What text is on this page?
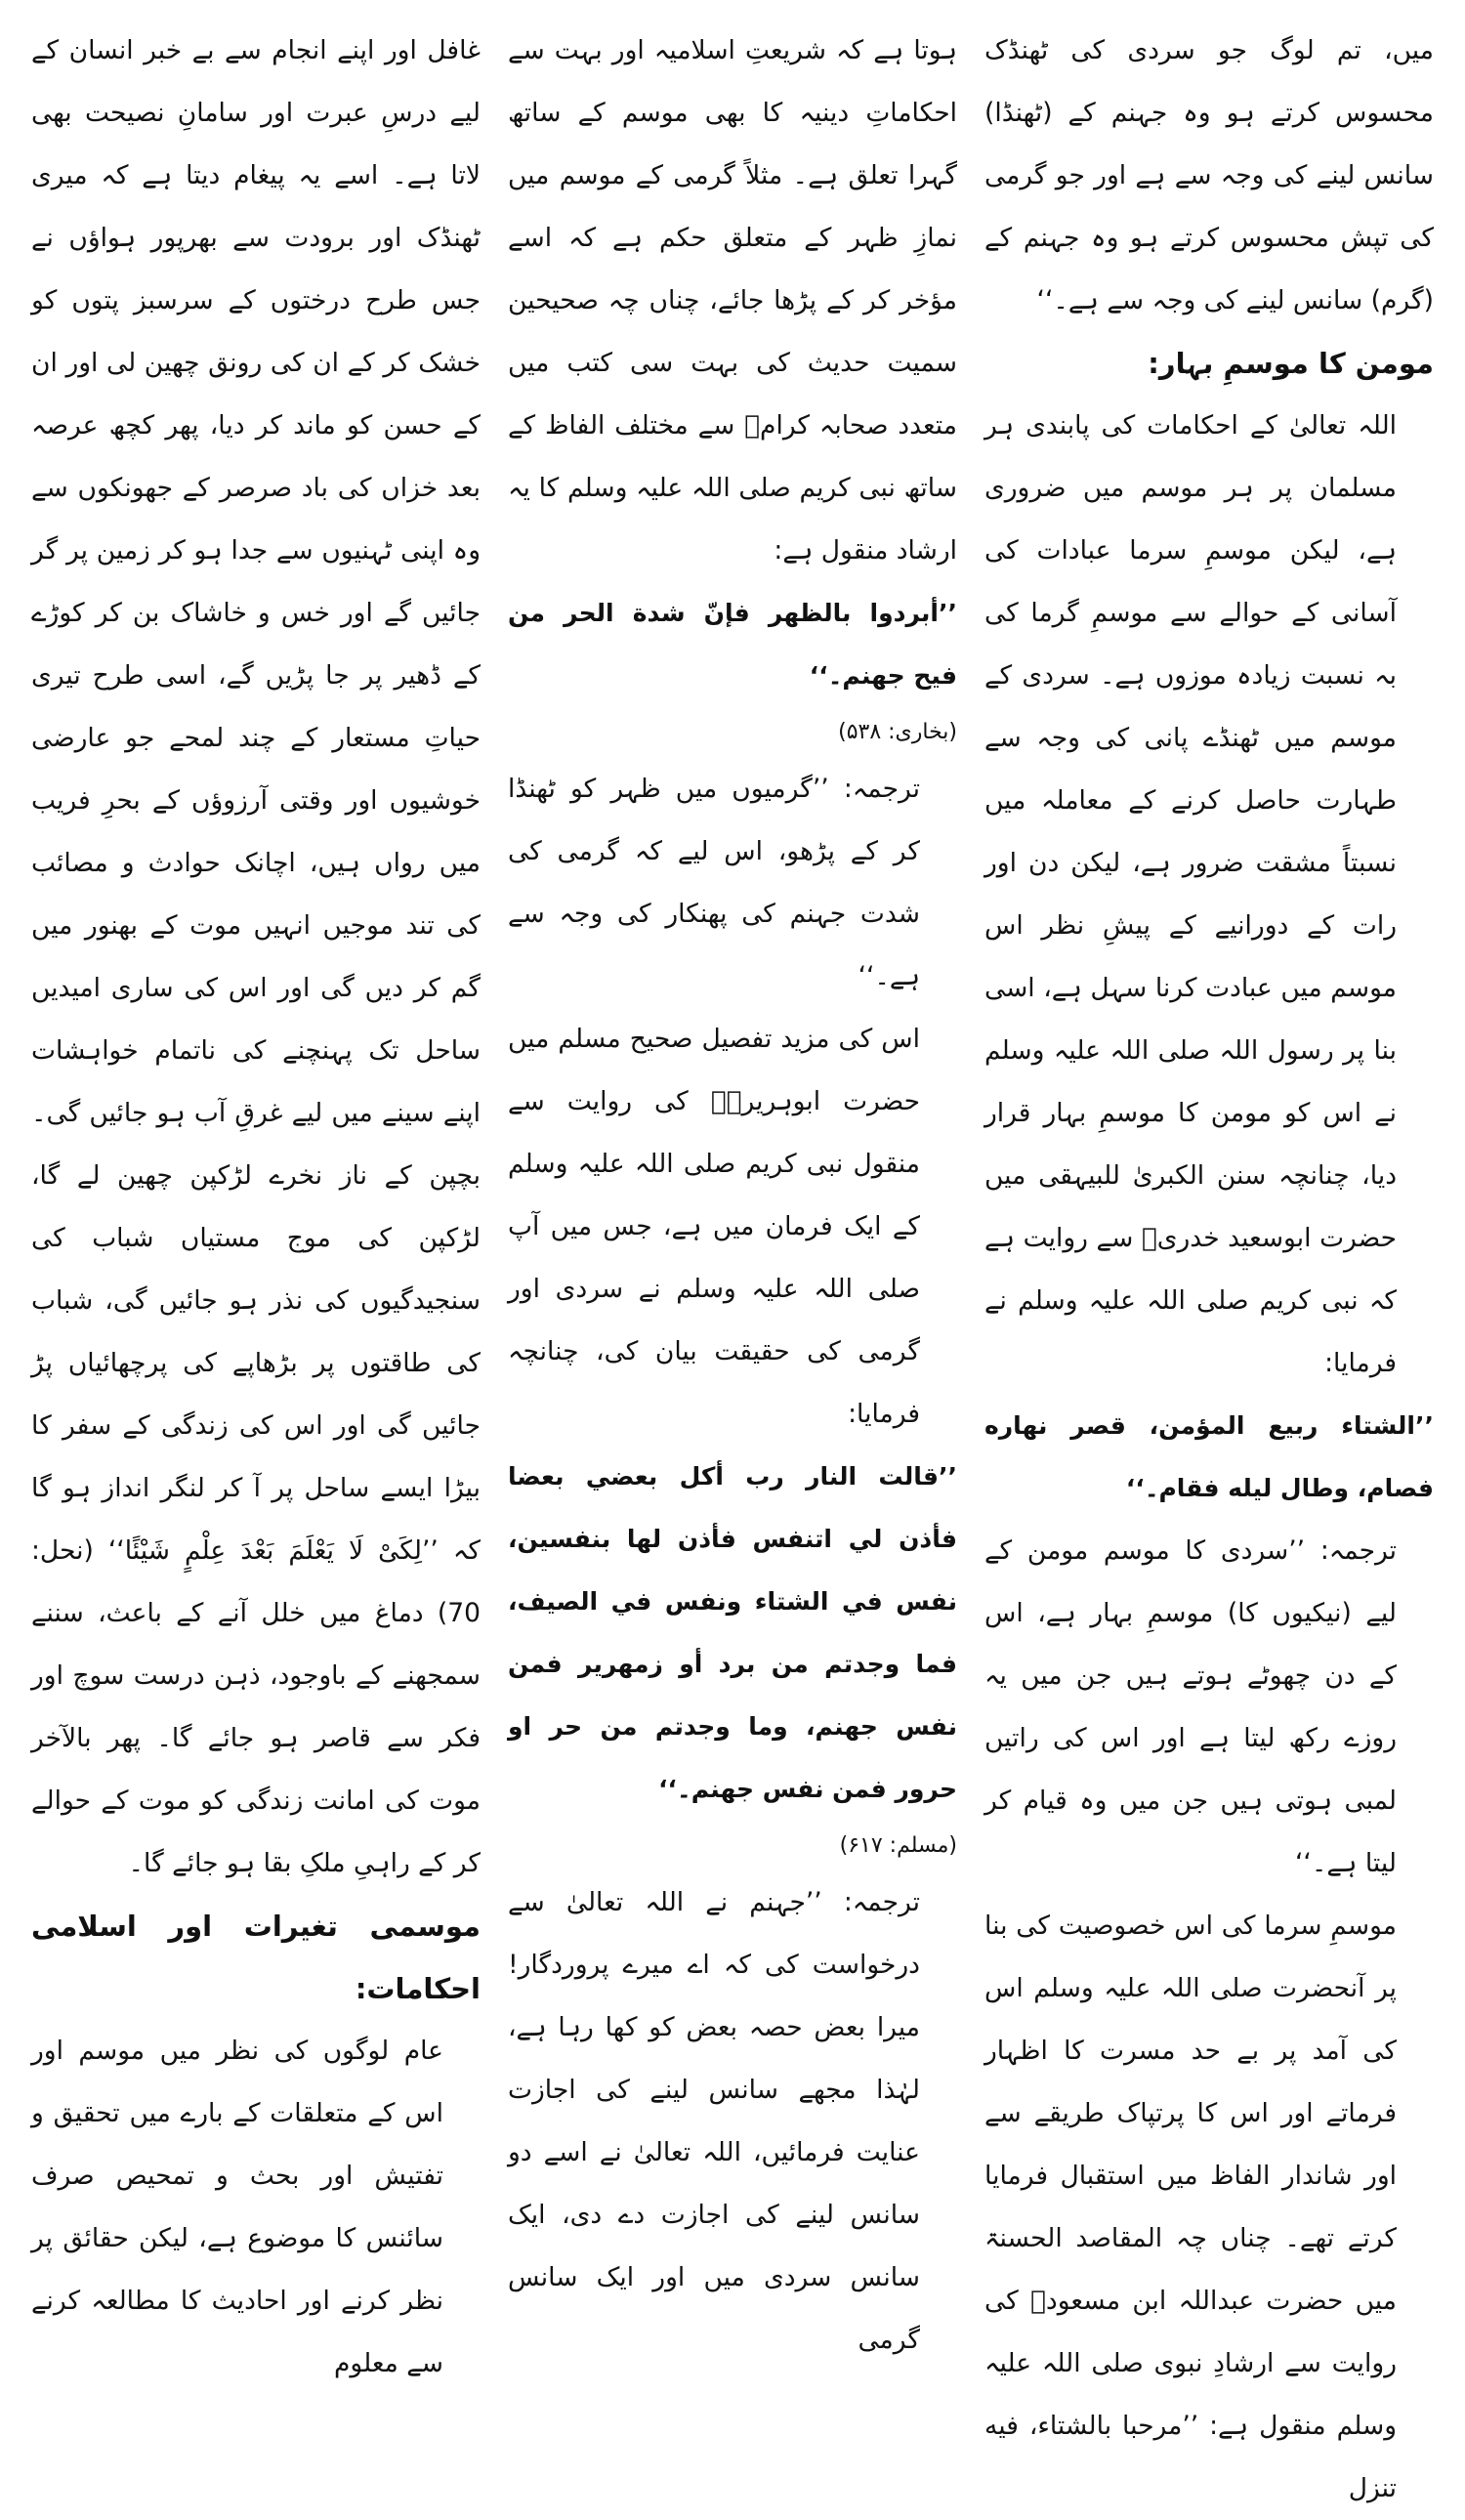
غافل اور اپنے انجام سے بے خبر انسان کے لیے درسِ عبرت اور سامانِ نصیحت بھی لاتا ہے۔ اسے یہ پیغام دیتا ہے کہ میری ٹھنڈک اور برودت سے بھرپور ہواؤں نے جس طرح درختوں کے سرسبز پتوں کو خشک کر کے ان کی رونق چھین لی اور ان کے حسن کو ماند کر دیا، پھر کچھ عرصہ بعد خزاں کی باد صرصر کے جھونکوں سے وہ اپنی ٹہنیوں سے جدا ہو کر زمین پر گر جائیں گے اور خس و خاشاک بن کر کوڑے کے ڈھیر پر جا پڑیں گے، اسی طرح تیری حیاتِ مستعار کے چند لمحے جو عارضی خوشیوں اور وقتی آرزوؤں کے بحرِ فریب میں رواں ہیں، اچانک حوادث و مصائب کی تند موجیں انہیں موت کے بھنور میں گم کر دیں گی اور اس کی ساری امیدیں ساحل تک پہنچنے کی ناتمام خواہشات اپنے سینے میں لیے غرقِ آب ہو جائیں گی۔ بچپن کے ناز نخرے لڑکپن چھین لے گا، لڑکپن کی موج مستیاں شباب کی سنجیدگیوں کی نذر ہو جائیں گی، شباب کی طاقتوں پر بڑھاپے کی پرچھائیاں پڑ جائیں گی اور اس کی زندگی کے سفر کا بیڑا ایسے ساحل پر آ کر لنگر انداز ہو گا کہ ’’لِکَیْ لَا یَعْلَمَ بَعْدَ عِلْمٍ شَیْئًا‘‘ (نحل: 70) دماغ میں خلل آنے کے باعث، سننے سمجھنے کے باوجود، ذہن درست سوچ اور فکر سے قاصر ہو جائے گا۔ پھر بالآخر موت کی امانت زندگی کو موت کے حوالے کر کے راہیِ ملکِ بقا ہو جائے گا۔

موسمی تغیرات اور اسلامی احکامات:

عام لوگوں کی نظر میں موسم اور اس کے متعلقات کے بارے میں تحقیق و تفتیش اور بحث و تمحیص صرف سائنس کا موضوع ہے، لیکن حقائق پر نظر کرنے اور احادیث کا مطالعہ کرنے سے معلوم

ہوتا ہے کہ شریعتِ اسلامیہ اور بہت سے احکاماتِ دینیہ کا بھی موسم کے ساتھ گہرا تعلق ہے۔ مثلاً گرمی کے موسم میں نمازِ ظہر کے متعلق حکم ہے کہ اسے مؤخر کر کے پڑھا جائے، چناں چہ صحیحین سمیت حدیث کی بہت سی کتب میں متعدد صحابہ کرامؓ سے مختلف الفاظ کے ساتھ نبی کریم صلی اللہ علیہ وسلم کا یہ ارشاد منقول ہے:

’’أبردوا بالظهر فإنّ شدة الحر من فيح جهنم۔‘‘

(بخاری: ۵۳۸)

ترجمہ: ’’گرمیوں میں ظہر کو ٹھنڈا کر کے پڑھو، اس لیے کہ گرمی کی شدت جہنم کی پھنکار کی وجہ سے ہے۔‘‘

اس کی مزید تفصیل صحیح مسلم میں حضرت ابوہریرہؓ کی روایت سے منقول نبی کریم صلی اللہ علیہ وسلم کے ایک فرمان میں ہے، جس میں آپ صلی اللہ علیہ وسلم نے سردی اور گرمی کی حقیقت بیان کی، چنانچہ فرمایا:

’’قالت النار رب أكل بعضي بعضا فأذن لي اتنفس فأذن لها بنفسين، نفس في الشتاء ونفس في الصيف، فما وجدتم من برد أو زمهرير فمن نفس جهنم، وما وجدتم من حر او حرور فمن نفس جهنم۔‘‘

(مسلم: ۶۱۷)

ترجمہ: ’’جہنم نے اللہ تعالیٰ سے درخواست کی کہ اے میرے پروردگار! میرا بعض حصہ بعض کو کھا رہا ہے، لہٰذا مجھے سانس لینے کی اجازت عنایت فرمائیں، اللہ تعالیٰ نے اسے دو سانس لینے کی اجازت دے دی، ایک سانس سردی میں اور ایک سانس گرمی

میں، تم لوگ جو سردی کی ٹھنڈک محسوس کرتے ہو وہ جہنم کے (ٹھنڈا) سانس لینے کی وجہ سے ہے اور جو گرمی کی تپش محسوس کرتے ہو وہ جہنم کے (گرم) سانس لینے کی وجہ سے ہے۔‘‘

مومن کا موسمِ بہار:

اللہ تعالیٰ کے احکامات کی پابندی ہر مسلمان پر ہر موسم میں ضروری ہے، لیکن موسمِ سرما عبادات کی آسانی کے حوالے سے موسمِ گرما کی بہ نسبت زیادہ موزوں ہے۔ سردی کے موسم میں ٹھنڈے پانی کی وجہ سے طہارت حاصل کرنے کے معاملہ میں نسبتاً مشقت ضرور ہے، لیکن دن اور رات کے دورانیے کے پیشِ نظر اس موسم میں عبادت کرنا سہل ہے، اسی بنا پر رسول اللہ صلی اللہ علیہ وسلم نے اس کو مومن کا موسمِ بہار قرار دیا، چنانچہ سنن الکبریٰ للبیہقی میں حضرت ابوسعید خدریؓ سے روایت ہے کہ نبی کریم صلی اللہ علیہ وسلم نے فرمایا:

’’الشتاء ربيع المؤمن، قصر نهاره فصام، وطال ليله فقام۔‘‘

ترجمہ: ’’سردی کا موسم مومن کے لیے (نیکیوں کا) موسمِ بہار ہے، اس کے دن چھوٹے ہوتے ہیں جن میں یہ روزے رکھ لیتا ہے اور اس کی راتیں لمبی ہوتی ہیں جن میں وہ قیام کر لیتا ہے۔‘‘

موسمِ سرما کی اس خصوصیت کی بنا پر آنحضرت صلی اللہ علیہ وسلم اس کی آمد پر بے حد مسرت کا اظہار فرماتے اور اس کا پرتپاک طریقے سے اور شاندار الفاظ میں استقبال فرمایا کرتے تھے۔ چناں چہ المقاصد الحسنۃ میں حضرت عبداللہ ابن مسعودؓ کی روایت سے ارشادِ نبوی صلی اللہ علیہ وسلم منقول ہے: ’’مرحبا بالشتاء، فيه تنزل
